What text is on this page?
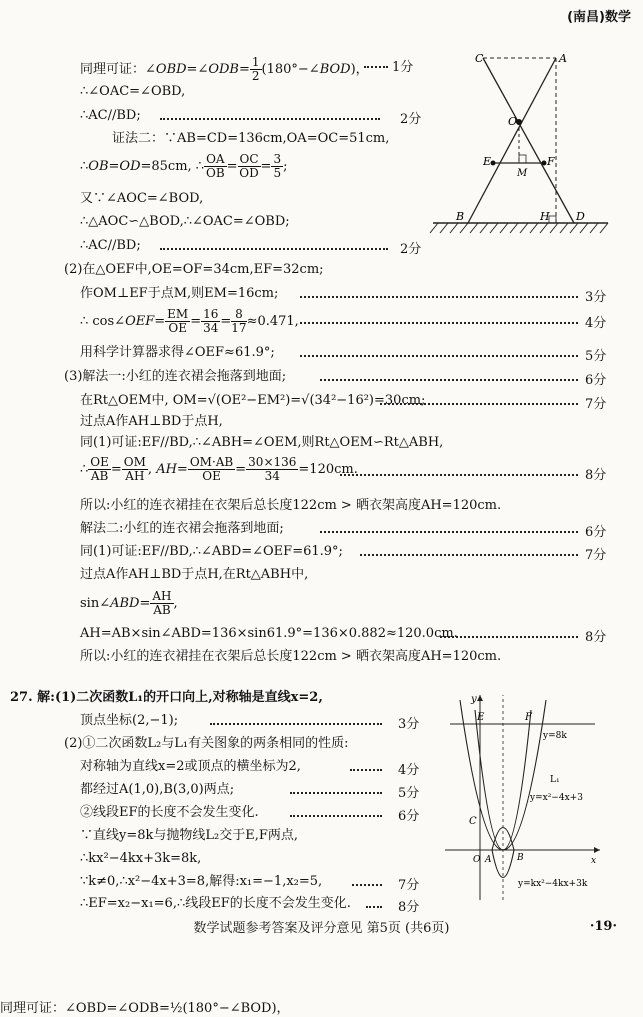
(南昌)数学
C	A
O
E
M
F
B	H D
y
E	F
y=8k
L₁
y=x²−4x+3
C
O A	B	x
y=kx²−4kx+3k
同理可证：∠OBD=∠ODB= $\frac{1}{2}$ (180°−∠BOD)， 1分
同理可证：∠OBD=∠ODB=½(180°−∠BOD)，
∴∠OAC=∠OBD,
∴AC//BD;	2分
证法二：∵AB=CD=136cm,OA=OC=51cm,
∴OB=OD=85cm, ∴ $\frac{OA}{OB} = \frac{OC}{OD} = \frac{3}{5}$ ;
又∵∠AOC=∠BOD,
∴△AOC∽△BOD,∴∠OAC=∠OBD;
∴AC//BD;	2分
(2)在△OEF中,OE=OF=34cm,EF=32cm;
作OM⊥EF于点M,则EM=16cm;	3分
∴ cos∠OEF= $\frac{EM}{OE} = \frac{16}{34} = \frac{8}{17} \approx 0.471$,	4分
用科学计算器求得∠OEF≈61.9°;	5分
(3)解法一:小红的连衣裙会拖落到地面;	6分
在Rt△OEM中, OM=√(OE²−EM²)=√(34²−16²)=30cm;	7分
过点A作AH⊥BD于点H,
同(1)可证:EF//BD,∴∠ABH=∠OEM,则Rt△OEM∽Rt△ABH,
∴ $\frac{OE}{AB} = \frac{OM}{AH}$ , $AH= \frac{OM\cdot AB}{OE} = \frac{30\times 136}{34} =120cm$.	8分
所以:小红的连衣裙挂在衣架后总长度122cm > 晒衣架高度AH=120cm.
解法二:小红的连衣裙会拖落到地面;	6分
同(1)可证:EF//BD,∴∠ABD=∠OEF=61.9°;	7分
过点A作AH⊥BD于点H,在Rt△ABH中,
sin∠ABD= $\frac{AH}{AB}$ ,
AH=AB×sin∠ABD=136×sin61.9°=136×0.882≈120.0cm.	8分
所以:小红的连衣裙挂在衣架后总长度122cm > 晒衣架高度AH=120cm.
27. 解:(1)二次函数L₁的开口向上,对称轴是直线x=2,
顶点坐标(2,−1);	3分
(2)①二次函数L₂与L₁有关图象的两条相同的性质:
对称轴为直线x=2或顶点的横坐标为2,	4分
都经过A(1,0),B(3,0)两点;	5分
②线段EF的长度不会发生变化.	6分
∵直线y=8k与抛物线L₂交于E,F两点,
∴kx²−4kx+3k=8k,
∵k≠0,∴x²−4x+3=8,解得:x₁=−1,x₂=5,	7分
∴EF=x₂−x₁=6,∴线段EF的长度不会发生变化.	8分
数学试题参考答案及评分意见 第5页 (共6页)	·19·
